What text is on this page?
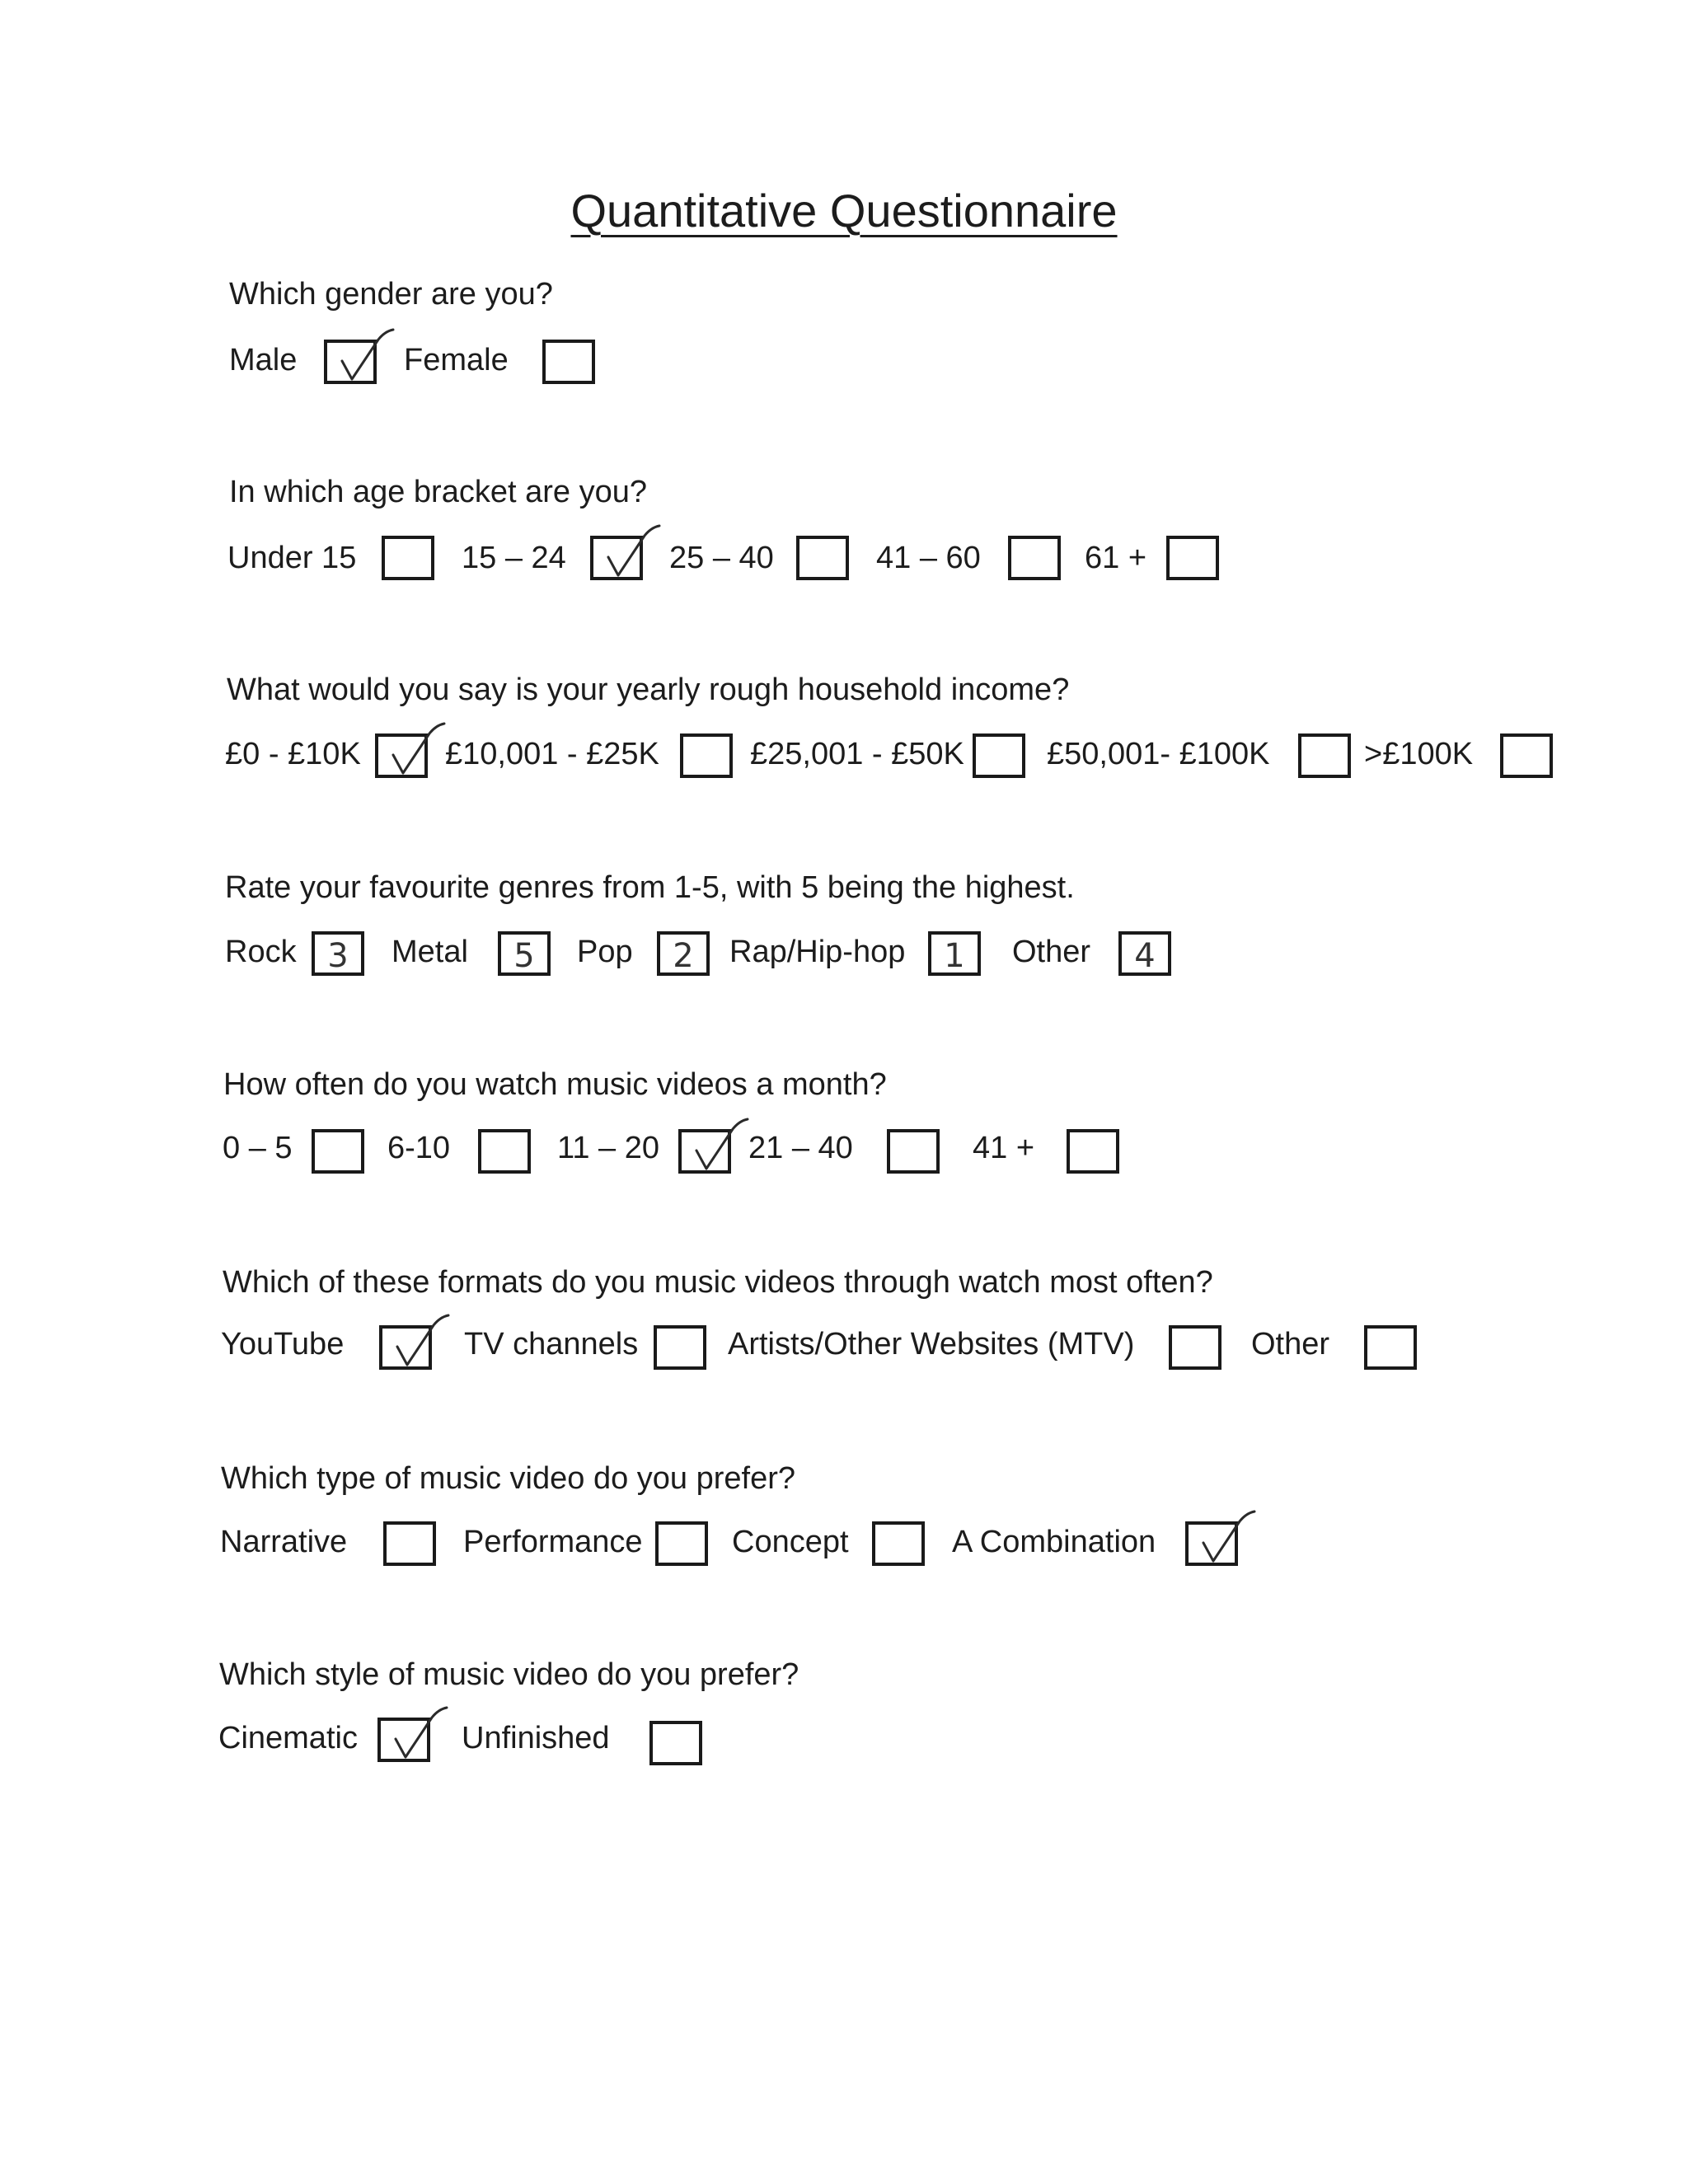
Quantitative Questionnaire
Which gender are you?
Male	Female
In which age bracket are you?
Under 15	15 – 24	25 – 40	41 – 60	61 +
What would you say is your yearly rough household income?
£0 - £10K	£10,001 - £25K	£25,001 - £50K	£50,001- £100K	>£100K
Rate your favourite genres from 1-5, with 5 being the highest.
Rock 3	Metal	5	Pop	2	Rap/Hip-hop	1	Other	4
How often do you watch music videos a month?
0 – 5	6-10	11 – 20	21 – 40	41 +
Which of these formats do you music videos through watch most often?
YouTube	TV channels	Artists/Other Websites (MTV)	Other
Which type of music video do you prefer?
Narrative	Performance	Concept	A Combination
Which style of music video do you prefer?
Cinematic	Unfinished
